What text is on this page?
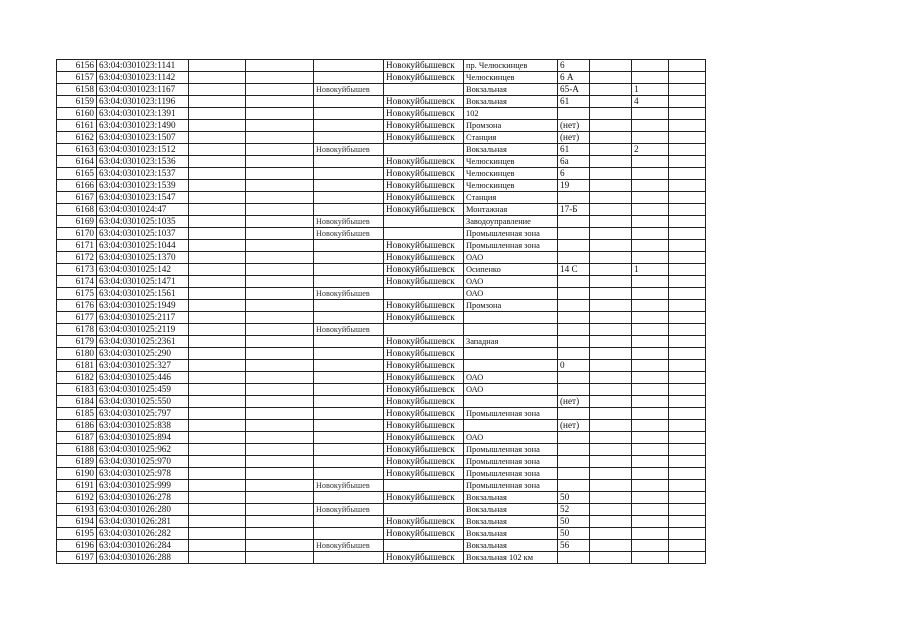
6156	63:04:0301023:1141				Новокуйбышевск	пр. Челюскинцев	6			
6157	63:04:0301023:1142				Новокуйбышевск	Челюскинцев	6 А			
6158	63:04:0301023:1167			Новокуйбышев		Вокзальная	65-А		1	
6159	63:04:0301023:1196				Новокуйбышевск	Вокзальная	61		4	
6160	63:04:0301023:1391				Новокуйбышевск	102				
6161	63:04:0301023:1490				Новокуйбышевск	Промзона	(нет)			
6162	63:04:0301023:1507				Новокуйбышевск	Станция	(нет)			
6163	63:04:0301023:1512			Новокуйбышев		Вокзальная	61		2	
6164	63:04:0301023:1536				Новокуйбышевск	Челюскинцев	6а			
6165	63:04:0301023:1537				Новокуйбышевск	Челюскинцев	6			
6166	63:04:0301023:1539				Новокуйбышевск	Челюскинцев	19			
6167	63:04:0301023:1547				Новокуйбышевск	Станция				
6168	63:04:0301024:47				Новокуйбышевск	Монтажная	17-Б			
6169	63:04:0301025:1035			Новокуйбышев		Заводоуправление				
6170	63:04:0301025:1037			Новокуйбышев		Промышленная зона				
6171	63:04:0301025:1044				Новокуйбышевск	Промышленная зона				
6172	63:04:0301025:1370				Новокуйбышевск	ОАО				
6173	63:04:0301025:142				Новокуйбышевск	Осипенко	14 С		1	
6174	63:04:0301025:1471				Новокуйбышевск	ОАО				
6175	63:04:0301025:1561			Новокуйбышев		ОАО				
6176	63:04:0301025:1949				Новокуйбышевск	Промзона				
6177	63:04:0301025:2117				Новокуйбышевск					
6178	63:04:0301025:2119			Новокуйбышев						
6179	63:04:0301025:2361				Новокуйбышевск	Западная				
6180	63:04:0301025:290				Новокуйбышевск					
6181	63:04:0301025:327				Новокуйбышевск		0			
6182	63:04:0301025:446				Новокуйбышевск	ОАО				
6183	63:04:0301025:459				Новокуйбышевск	ОАО				
6184	63:04:0301025:550				Новокуйбышевск		(нет)			
6185	63:04:0301025:797				Новокуйбышевск	Промышленная зона				
6186	63:04:0301025:838				Новокуйбышевск		(нет)			
6187	63:04:0301025:894				Новокуйбышевск	ОАО				
6188	63:04:0301025:962				Новокуйбышевск	Промышленная зона				
6189	63:04:0301025:970				Новокуйбышевск	Промышленная зона				
6190	63:04:0301025:978				Новокуйбышевск	Промышленная зона				
6191	63:04:0301025:999			Новокуйбышев		Промышленная зона				
6192	63:04:0301026:278				Новокуйбышевск	Вокзальная	50			
6193	63:04:0301026:280			Новокуйбышев		Вокзальная	52			
6194	63:04:0301026:281				Новокуйбышевск	Вокзальная	50			
6195	63:04:0301026:282				Новокуйбышевск	Вокзальная	50			
6196	63:04:0301026:284			Новокуйбышев		Вокзальная	56			
6197	63:04:0301026:288				Новокуйбышевск	Вокзальная 102 км				
